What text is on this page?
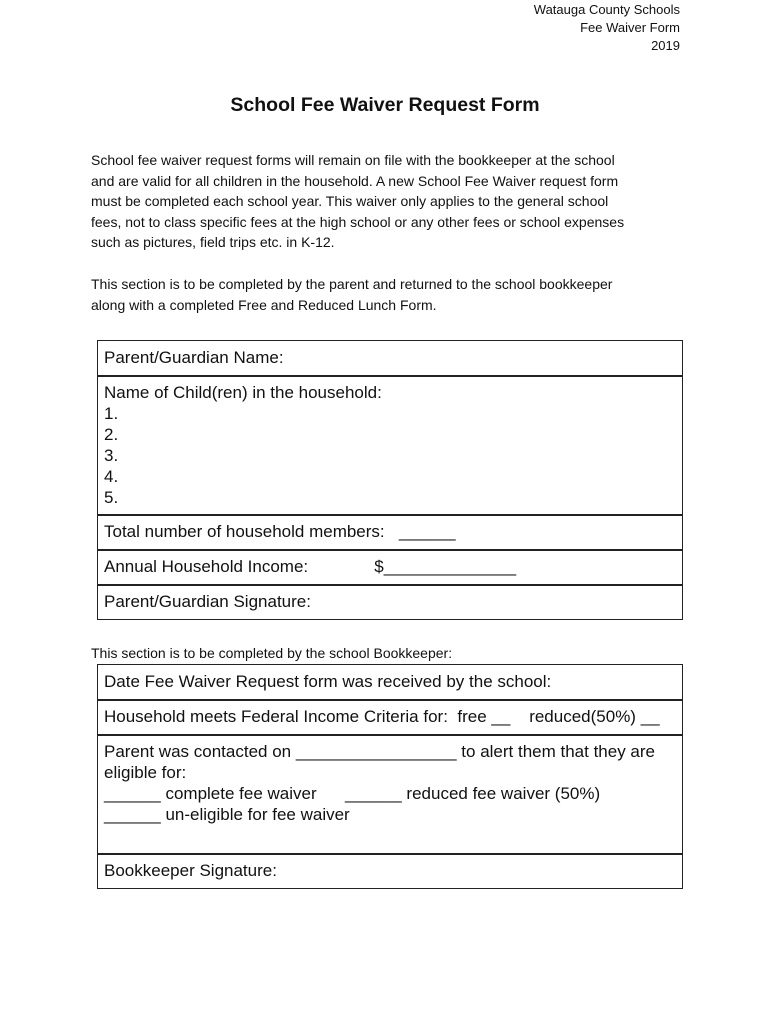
Watauga County Schools
Fee Waiver Form
2019
School Fee Waiver Request Form
School fee waiver request forms will remain on file with the bookkeeper at the school
and are valid for all children in the household. A new School Fee Waiver request form
must be completed each school year. This waiver only applies to the general school
fees, not to class specific fees at the high school or any other fees or school expenses
such as pictures, field trips etc. in K-12.
This section is to be completed by the parent and returned to the school bookkeeper
along with a completed Free and Reduced Lunch Form.
Parent/Guardian Name:
Name of Child(ren) in the household:
1.
2.
3.
4.
5.
Total number of household members:   ______
Annual Household Income:              $______________
Parent/Guardian Signature:
This section is to be completed by the school Bookkeeper:
Date Fee Waiver Request form was received by the school:
Household meets Federal Income Criteria for:  free __    reduced(50%) __
Parent was contacted on _________________ to alert them that they are
eligible for:
______ complete fee waiver      ______ reduced fee waiver (50%)
______ un-eligible for fee waiver
Bookkeeper Signature:
